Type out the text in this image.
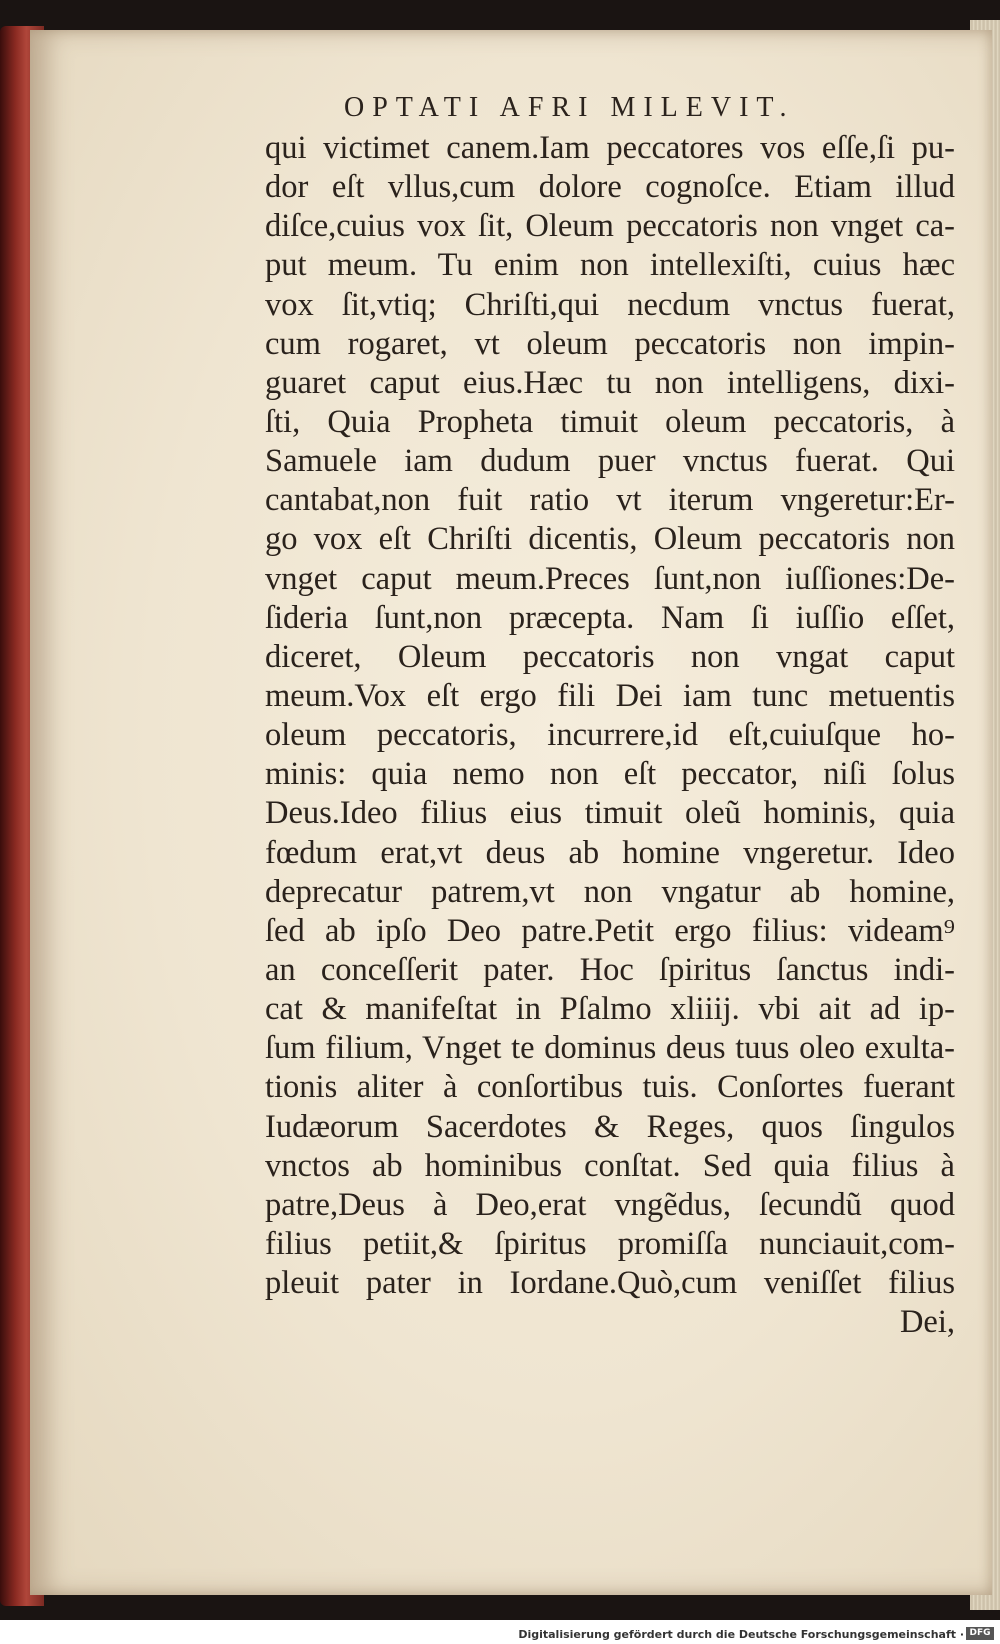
OPTATI AFRI MILEVIT.
qui victimet canem.Iam peccatores vos eſſe,ſi pu-
dor eſt vllus,cum dolore cognoſce. Etiam illud
diſce,cuius vox ſit, Oleum peccatoris non vnget ca-
put meum. Tu enim non intellexiſti, cuius hæc
vox ſit,vtiq; Chriſti,qui necdum vnctus fuerat,
cum rogaret, vt oleum peccatoris non impin-
guaret caput eius.Hæc tu non intelligens, dixi-
ſti, Quia Propheta timuit oleum peccatoris, à
Samuele iam dudum puer vnctus fuerat. Qui
cantabat,non fuit ratio vt iterum vngeretur:Er-
go vox eſt Chriſti dicentis, Oleum peccatoris non
vnget caput meum.Preces ſunt,non iuſſiones:De-
ſideria ſunt,non præcepta. Nam ſi iuſſio eſſet,
diceret, Oleum peccatoris non vngat caput
meum.Vox eſt ergo fili Dei iam tunc metuentis
oleum peccatoris, incurrere,id eſt,cuiuſque ho-
minis: quia nemo non eſt peccator, niſi ſolus
Deus.Ideo filius eius timuit oleũ hominis, quia
fœdum erat,vt deus ab homine vngeretur. Ideo
deprecatur patrem,vt non vngatur ab homine,
ſed ab ipſo Deo patre.Petit ergo filius: videam⁹
an conceſſerit pater. Hoc ſpiritus ſanctus indi-
cat & manifeſtat in Pſalmo xliiij. vbi ait ad ip-
ſum filium, Vnget te dominus deus tuus oleo exulta-
tionis aliter à conſortibus tuis. Conſortes fuerant
Iudæorum Sacerdotes & Reges, quos ſingulos
vnctos ab hominibus conſtat. Sed quia filius à
patre,Deus à Deo,erat vngẽdus, ſecundũ quod
filius petiit,& ſpiritus promiſſa nunciauit,com-
pleuit pater in Iordane.Quò,cum veniſſet filius
Dei,
Digitalisierung gefördert durch die Deutsche Forschungsgemeinschaft · DFG
